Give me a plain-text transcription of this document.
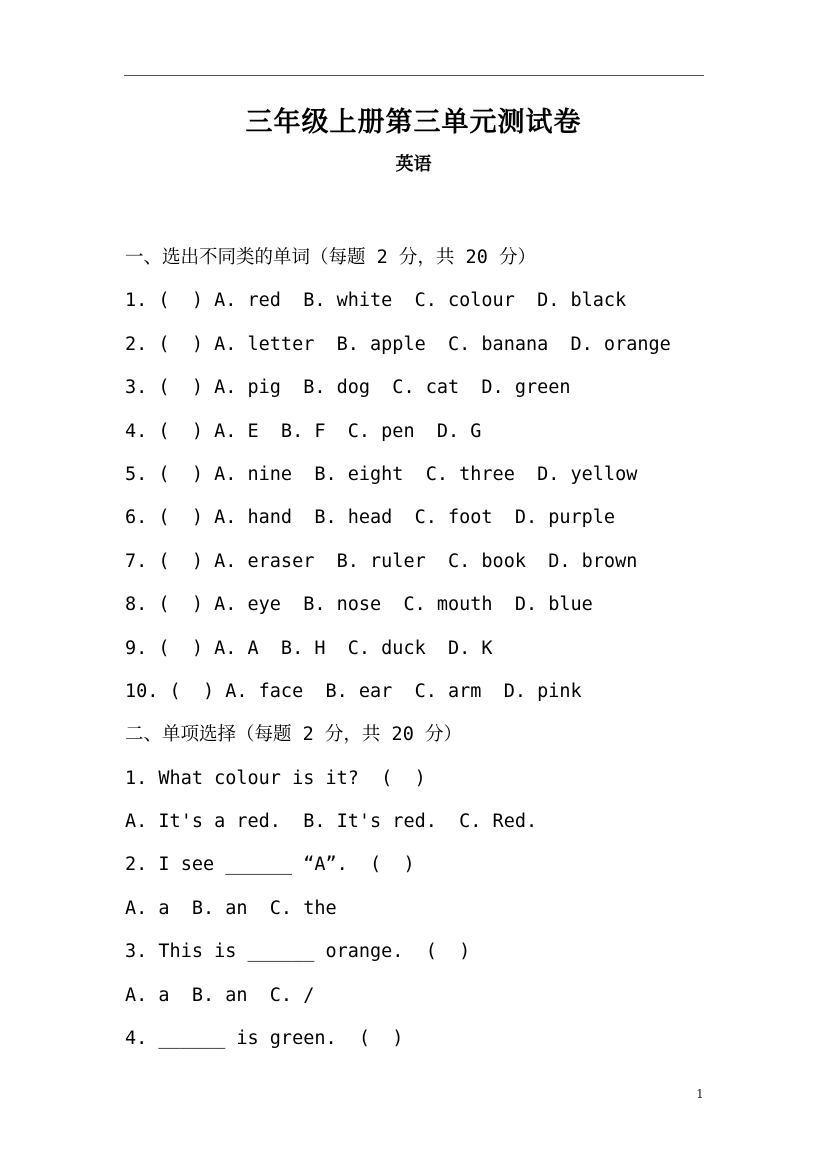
三年级上册第三单元测试卷
英语
一、选出不同类的单词（每题 2 分，共 20 分）
1. (  ) A. red  B. white  C. colour  D. black
2. (  ) A. letter  B. apple  C. banana  D. orange
3. (  ) A. pig  B. dog  C. cat  D. green
4. (  ) A. E  B. F  C. pen  D. G
5. (  ) A. nine  B. eight  C. three  D. yellow
6. (  ) A. hand  B. head  C. foot  D. purple
7. (  ) A. eraser  B. ruler  C. book  D. brown
8. (  ) A. eye  B. nose  C. mouth  D. blue
9. (  ) A. A  B. H  C. duck  D. K
10. (  ) A. face  B. ear  C. arm  D. pink
二、单项选择（每题 2 分，共 20 分）
1. What colour is it?  (  )
A. It's a red.  B. It's red.  C. Red.
2. I see ______ “A”.  (  )
A. a  B. an  C. the
3. This is ______ orange.  (  )
A. a  B. an  C. /
4. ______ is green.  (  )
1
